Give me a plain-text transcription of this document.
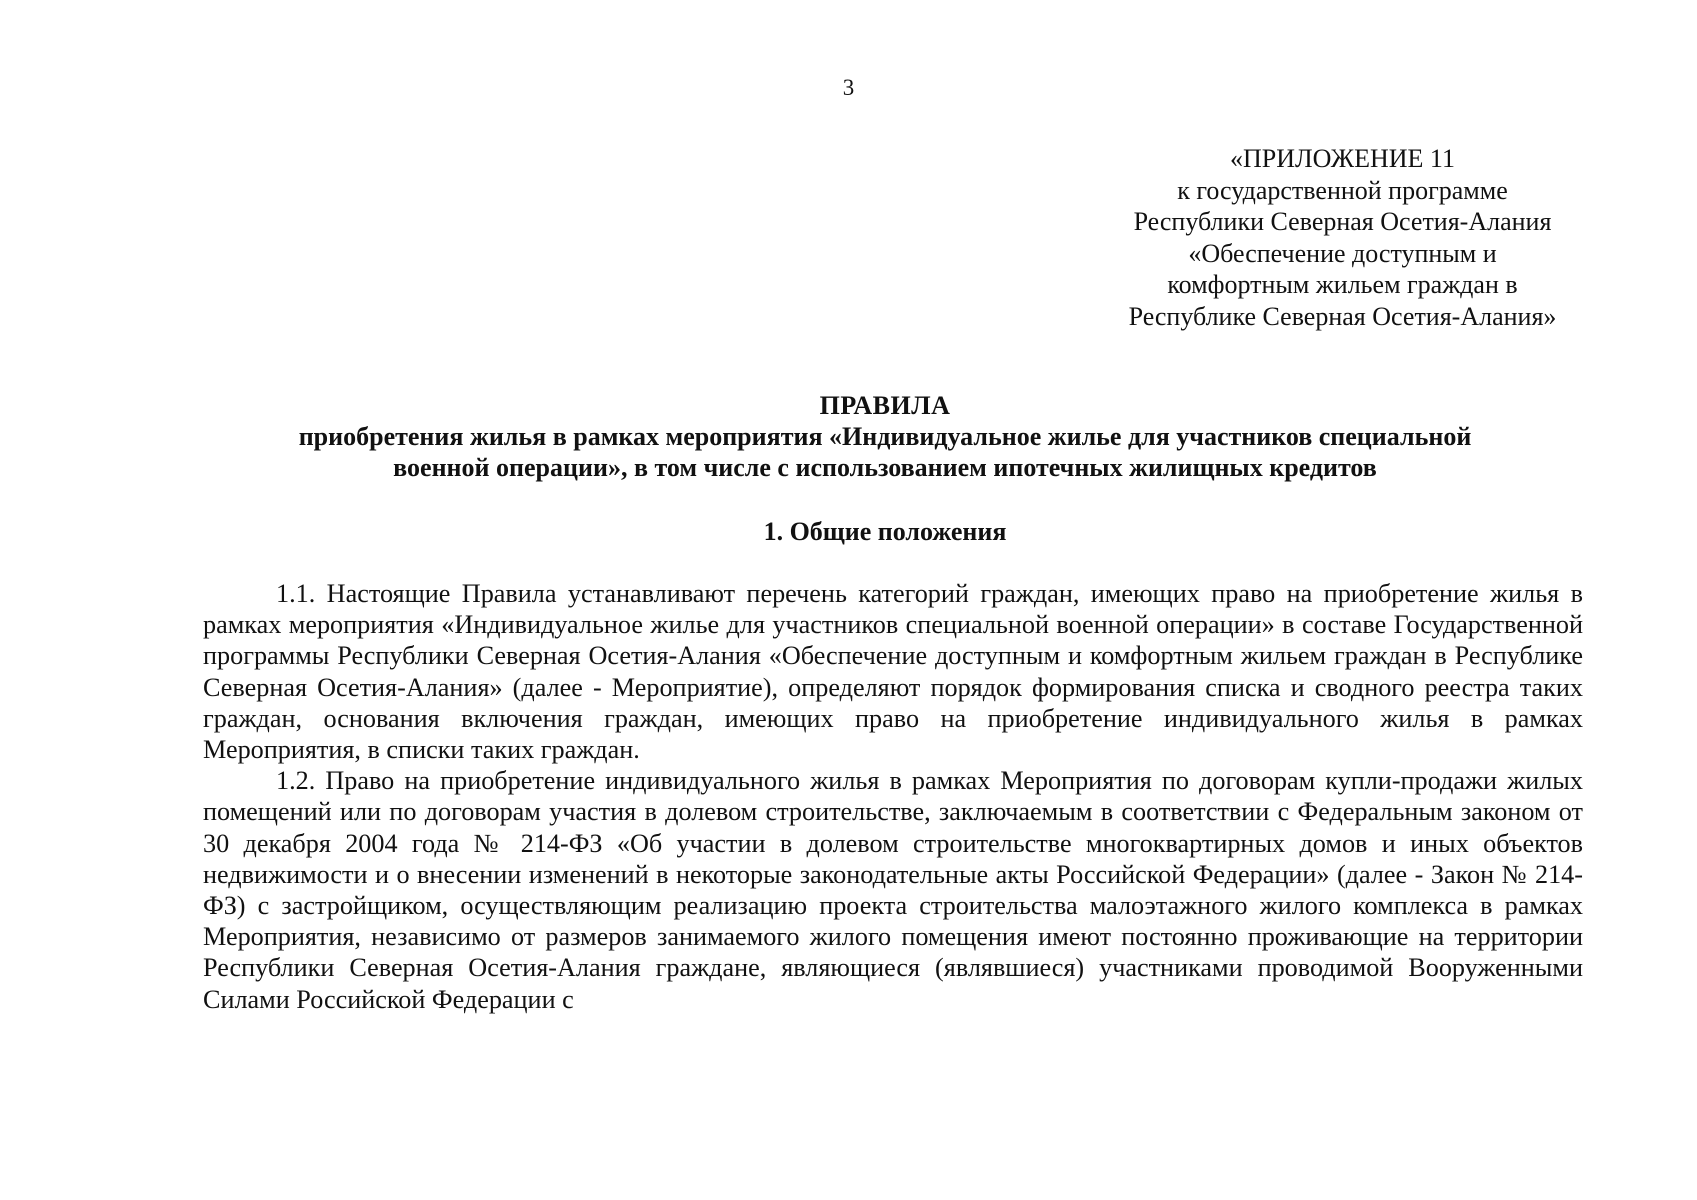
3
«ПРИЛОЖЕНИЕ 11
к государственной программе
Республики Северная Осетия-Алания
«Обеспечение доступным и
комфортным жильем граждан в
Республике Северная Осетия-Алания»
ПРАВИЛА
приобретения жилья в рамках мероприятия «Индивидуальное жилье для участников специальной
военной операции», в том числе с использованием ипотечных жилищных кредитов
1. Общие положения

1.1. Настоящие Правила устанавливают перечень категорий граждан, имеющих право на приобретение жилья в рамках мероприятия «Индивидуальное жилье для участников специальной военной операции» в составе Государственной программы Республики Северная Осетия-Алания «Обеспечение доступным и комфортным жильем граждан в Республике Северная Осетия-Алания» (далее - Мероприятие), определяют порядок формирования списка и сводного реестра таких граждан, основания включения граждан, имеющих право на приобретение индивидуального жилья в рамках Мероприятия, в списки таких граждан.

1.2. Право на приобретение индивидуального жилья в рамках Мероприятия по договорам купли-продажи жилых помещений или по договорам участия в долевом строительстве, заключаемым в соответствии с Федеральным законом от 30 декабря 2004 года № 214-ФЗ «Об участии в долевом строительстве многоквартирных домов и иных объектов недвижимости и о внесении изменений в некоторые законодательные акты Российской Федерации» (далее - Закон № 214-ФЗ) с застройщиком, осуществляющим реализацию проекта строительства малоэтажного жилого комплекса в рамках Мероприятия, независимо от размеров занимаемого жилого помещения имеют постоянно проживающие на территории Республики Северная Осетия-Алания граждане, являющиеся (являвшиеся) участниками проводимой Вооруженными Силами Российской Федерации с
